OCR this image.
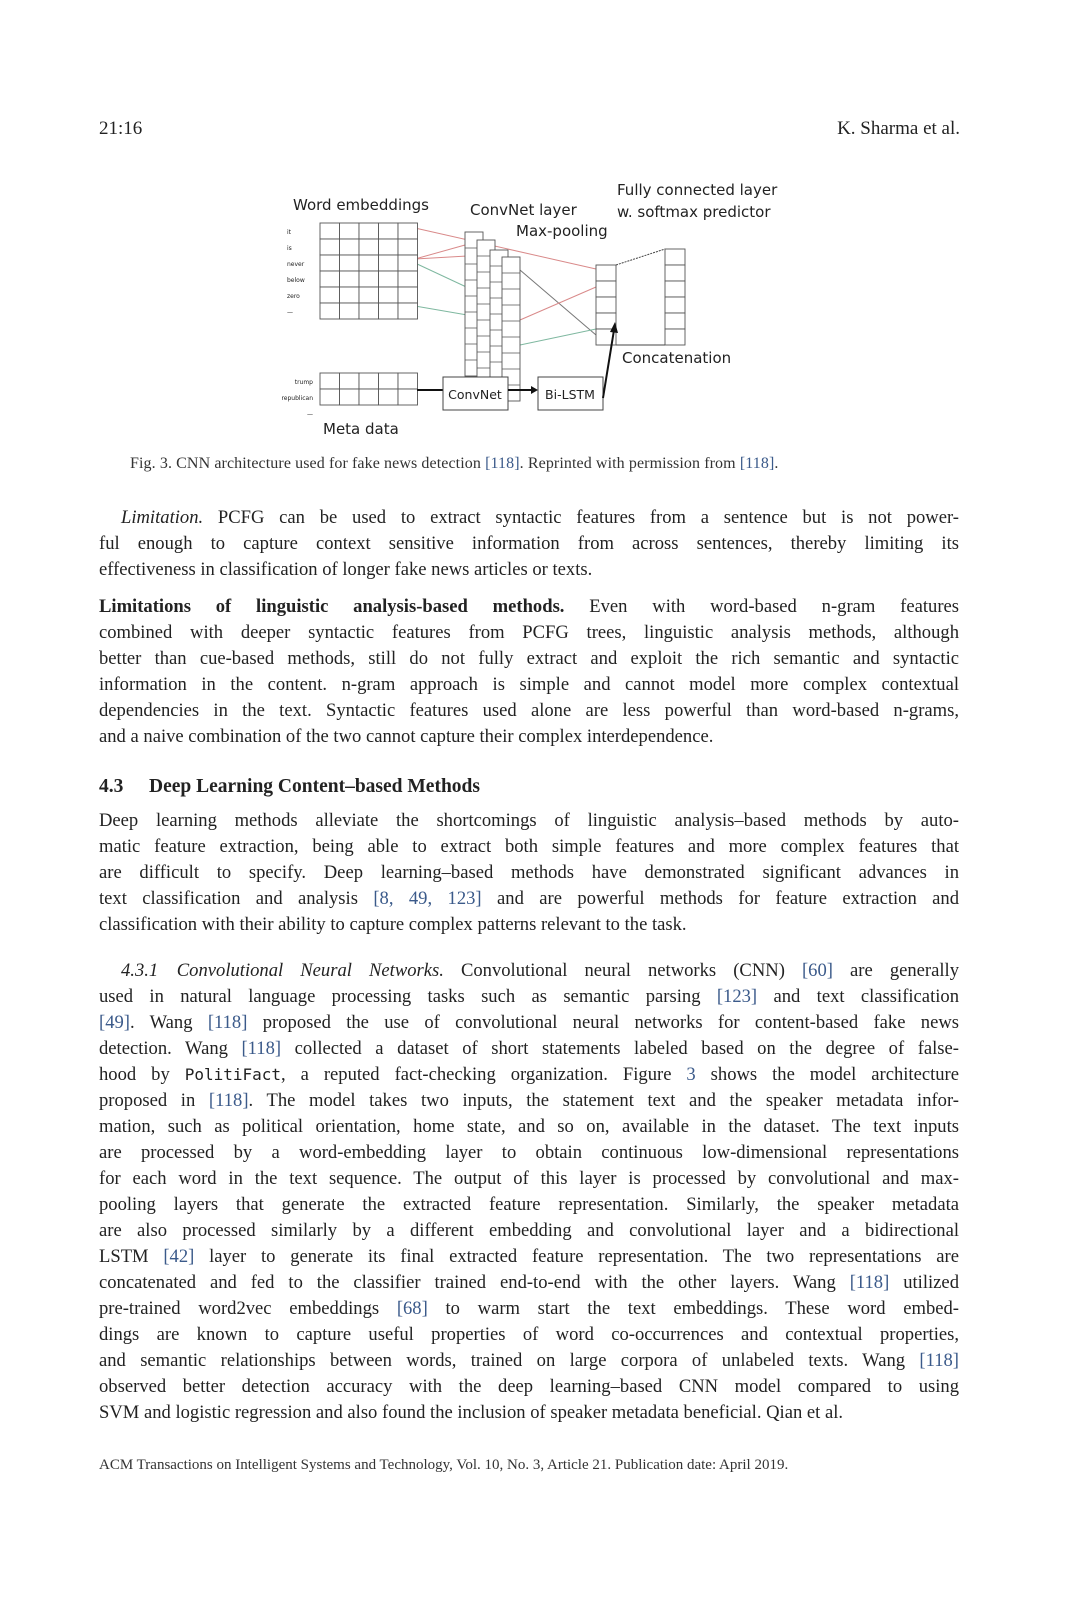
21:16	K. Sharma et al.
trump
republican
—
it
is
never
below
zero
—
Word embeddings	ConvNet layer
Max-pooling
Fully connected layer
w. softmax predictor
Concatenation
Meta data
ConvNet	Bi-LSTM
Fig. 3. CNN architecture used for fake news detection [118]. Reprinted with permission from [118].
Limitation. PCFG can be used to extract syntactic features from a sentence but is not power-
ful enough to capture context sensitive information from across sentences, thereby limiting its
effectiveness in classification of longer fake news articles or texts.
Limitations of linguistic analysis-based methods. Even with word-based n-gram features
combined with deeper syntactic features from PCFG trees, linguistic analysis methods, although
better than cue-based methods, still do not fully extract and exploit the rich semantic and syntactic
information in the content. n-gram approach is simple and cannot model more complex contextual
dependencies in the text. Syntactic features used alone are less powerful than word-based n-grams,
and a naive combination of the two cannot capture their complex interdependence.
4.3 Deep Learning Content–based Methods
Deep learning methods alleviate the shortcomings of linguistic analysis–based methods by auto-
matic feature extraction, being able to extract both simple features and more complex features that
are difficult to specify. Deep learning–based methods have demonstrated significant advances in
text classification and analysis [8, 49, 123] and are powerful methods for feature extraction and
classification with their ability to capture complex patterns relevant to the task.
4.3.1 Convolutional Neural Networks. Convolutional neural networks (CNN) [60] are generally
used in natural language processing tasks such as semantic parsing [123] and text classification
[49]. Wang [118] proposed the use of convolutional neural networks for content-based fake news
detection. Wang [118] collected a dataset of short statements labeled based on the degree of false-
hood by PolitiFact, a reputed fact-checking organization. Figure 3 shows the model architecture
proposed in [118]. The model takes two inputs, the statement text and the speaker metadata infor-
mation, such as political orientation, home state, and so on, available in the dataset. The text inputs
are processed by a word-embedding layer to obtain continuous low-dimensional representations
for each word in the text sequence. The output of this layer is processed by convolutional and max-
pooling layers that generate the extracted feature representation. Similarly, the speaker metadata
are also processed similarly by a different embedding and convolutional layer and a bidirectional
LSTM [42] layer to generate its final extracted feature representation. The two representations are
concatenated and fed to the classifier trained end-to-end with the other layers. Wang [118] utilized
pre-trained word2vec embeddings [68] to warm start the text embeddings. These word embed-
dings are known to capture useful properties of word co-occurrences and contextual properties,
and semantic relationships between words, trained on large corpora of unlabeled texts. Wang [118]
observed better detection accuracy with the deep learning–based CNN model compared to using
SVM and logistic regression and also found the inclusion of speaker metadata beneficial. Qian et al.
ACM Transactions on Intelligent Systems and Technology, Vol. 10, No. 3, Article 21. Publication date: April 2019.
